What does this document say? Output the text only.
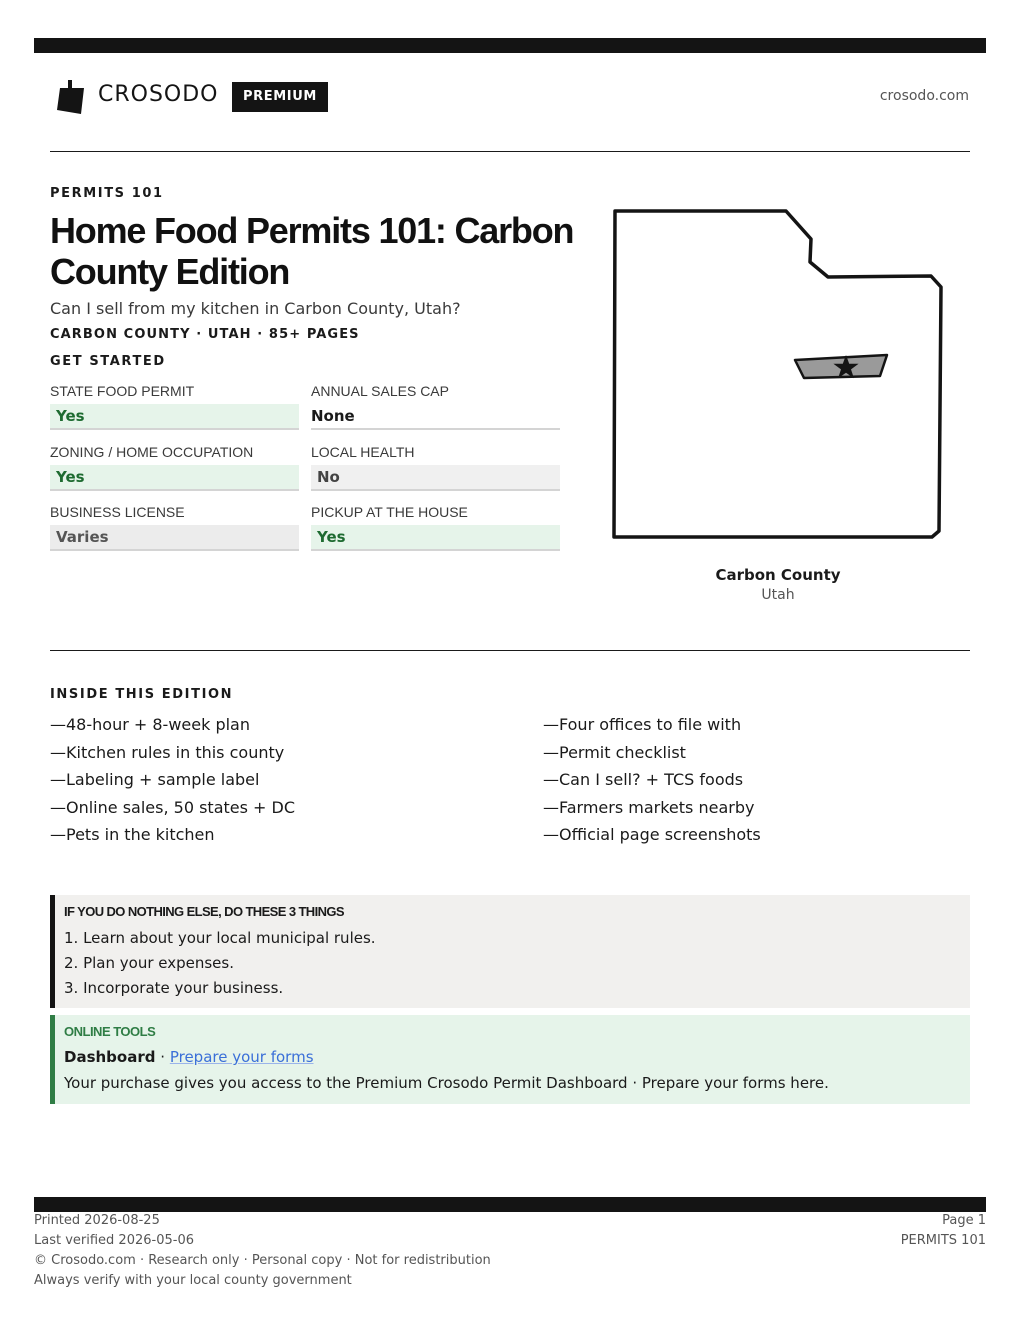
CROSODO	PREMIUM	crosodo.com
PERMITS 101
Home Food Permits 101: Carbon County Edition
Can I sell from my kitchen in Carbon County, Utah?
CARBON COUNTY · UTAH · 85+ PAGES
GET STARTED
STATE FOOD PERMIT
Yes
ANNUAL SALES CAP
None
ZONING / HOME OCCUPATION
Yes
LOCAL HEALTH
No
BUSINESS LICENSE
Varies
PICKUP AT THE HOUSE
Yes
Carbon County
Utah
INSIDE THIS EDITION
—48-hour + 8-week plan
—Kitchen rules in this county
—Labeling + sample label
—Online sales, 50 states + DC
—Pets in the kitchen
—Four offices to file with
—Permit checklist
—Can I sell? + TCS foods
—Farmers markets nearby
—Official page screenshots
IF YOU DO NOTHING ELSE, DO THESE 3 THINGS
1. Learn about your local municipal rules.
2. Plan your expenses.
3. Incorporate your business.
ONLINE TOOLS
Dashboard · Prepare your forms
Your purchase gives you access to the Premium Crosodo Permit Dashboard · Prepare your forms here.
Printed 2026-08-25
Last verified 2026-05-06
© Crosodo.com · Research only · Personal copy · Not for redistribution
Always verify with your local county government
Page 1
PERMITS 101
